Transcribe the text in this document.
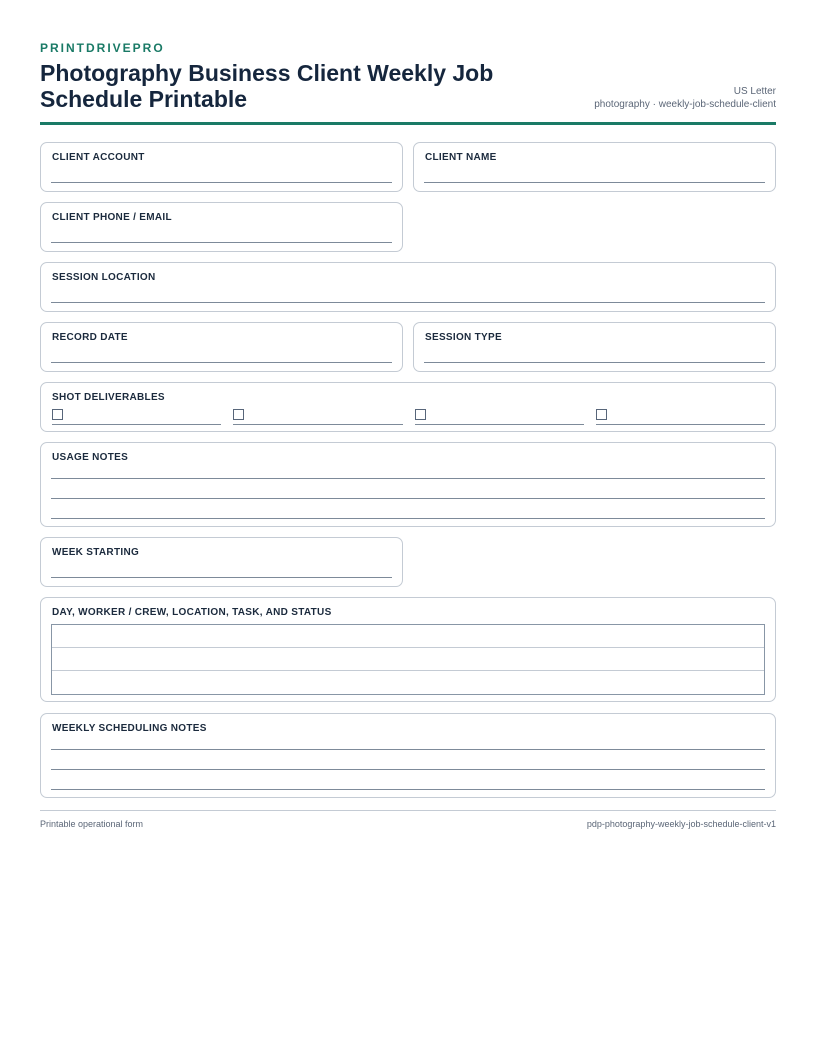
PRINTDRIVEPRO
Photography Business Client Weekly Job Schedule Printable	US Letter
photography · weekly-job-schedule-client
CLIENT ACCOUNT	CLIENT NAME
CLIENT PHONE / EMAIL
SESSION LOCATION
RECORD DATE	SESSION TYPE
SHOT DELIVERABLES
USAGE NOTES
WEEK STARTING
DAY, WORKER / CREW, LOCATION, TASK, AND STATUS
WEEKLY SCHEDULING NOTES
Printable operational form	pdp-photography-weekly-job-schedule-client-v1
